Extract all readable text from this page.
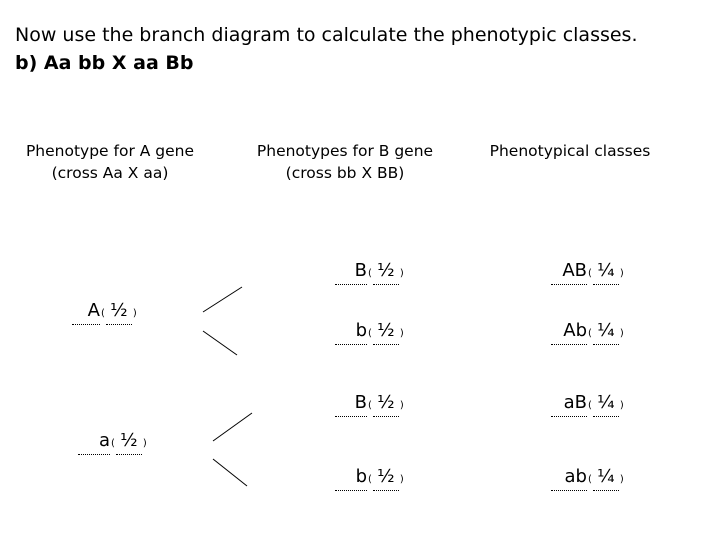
Now use the branch diagram to calculate the phenotypic classes.
b) Aa bb X aa Bb
Phenotype for A gene
(cross Aa X aa)
Phenotypes for B gene
(cross bb X BB)
Phenotypical classes
A ( ½ )
a ( ½ )
B ( ½ )
b ( ½ )
B ( ½ )
b ( ½ )
AB ( ¼ )
Ab ( ¼ )
aB ( ¼ )
ab ( ¼ )
